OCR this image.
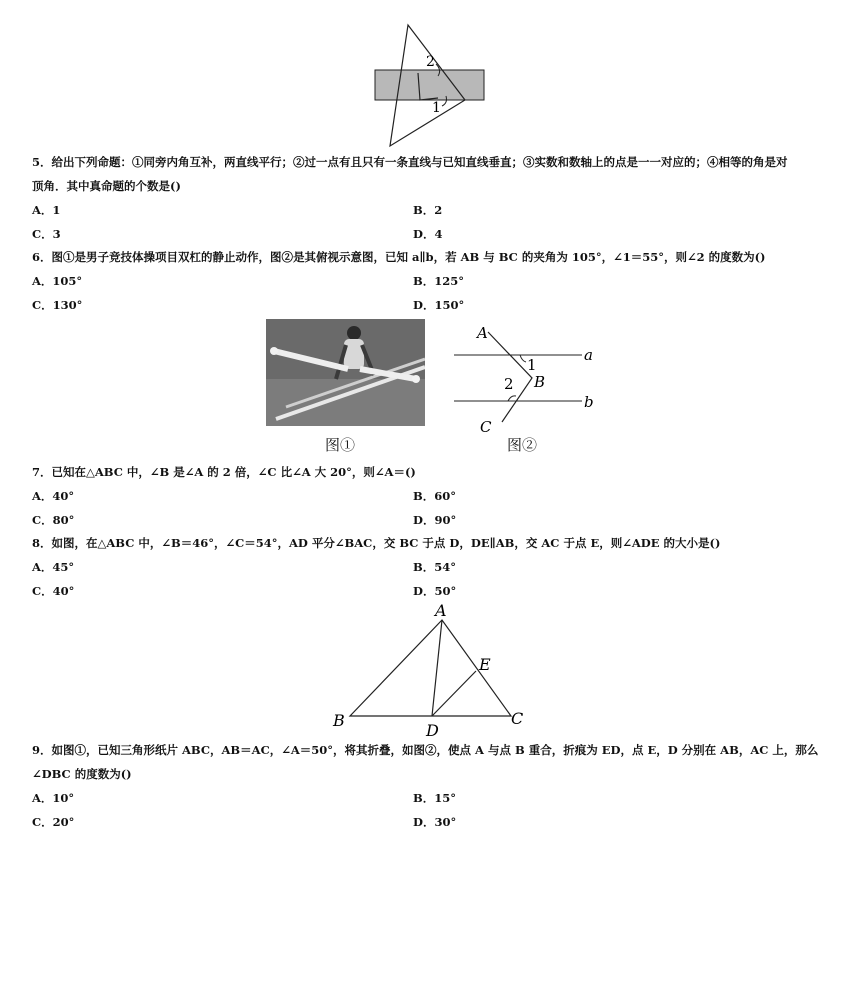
2
1
5．给出下列命题：①同旁内角互补，两直线平行；②过一点有且只有一条直线与已知直线垂直；③实数和数轴上的点是一一对应的；④相等的角是对
顶角．其中真命题的个数是()
A．1	B．2
C．3	D．4
6．图①是男子竞技体操项目双杠的静止动作，图②是其俯视示意图，已知 a∥b，若 AB 与 BC 的夹角为 105°，∠1＝55°，则∠2 的度数为()
A．105°	B．125°
C．130°	D．150°
图①
A
B
C
a
b
1
2
图②
7．已知在△ABC 中，∠B 是∠A 的 2 倍，∠C 比∠A 大 20°，则∠A＝()
A．40°	B．60°
C．80°	D．90°
8．如图，在△ABC 中，∠B＝46°，∠C＝54°，AD 平分∠BAC，交 BC 于点 D，DE∥AB，交 AC 于点 E，则∠ADE 的大小是()
A．45°	B．54°
C．40°	D．50°
A
B	C
D
E
9．如图①，已知三角形纸片 ABC，AB＝AC，∠A＝50°，将其折叠，如图②，使点 A 与点 B 重合，折痕为 ED，点 E，D 分别在 AB，AC 上，那么
∠DBC 的度数为()
A．10°	B．15°
C．20°	D．30°
